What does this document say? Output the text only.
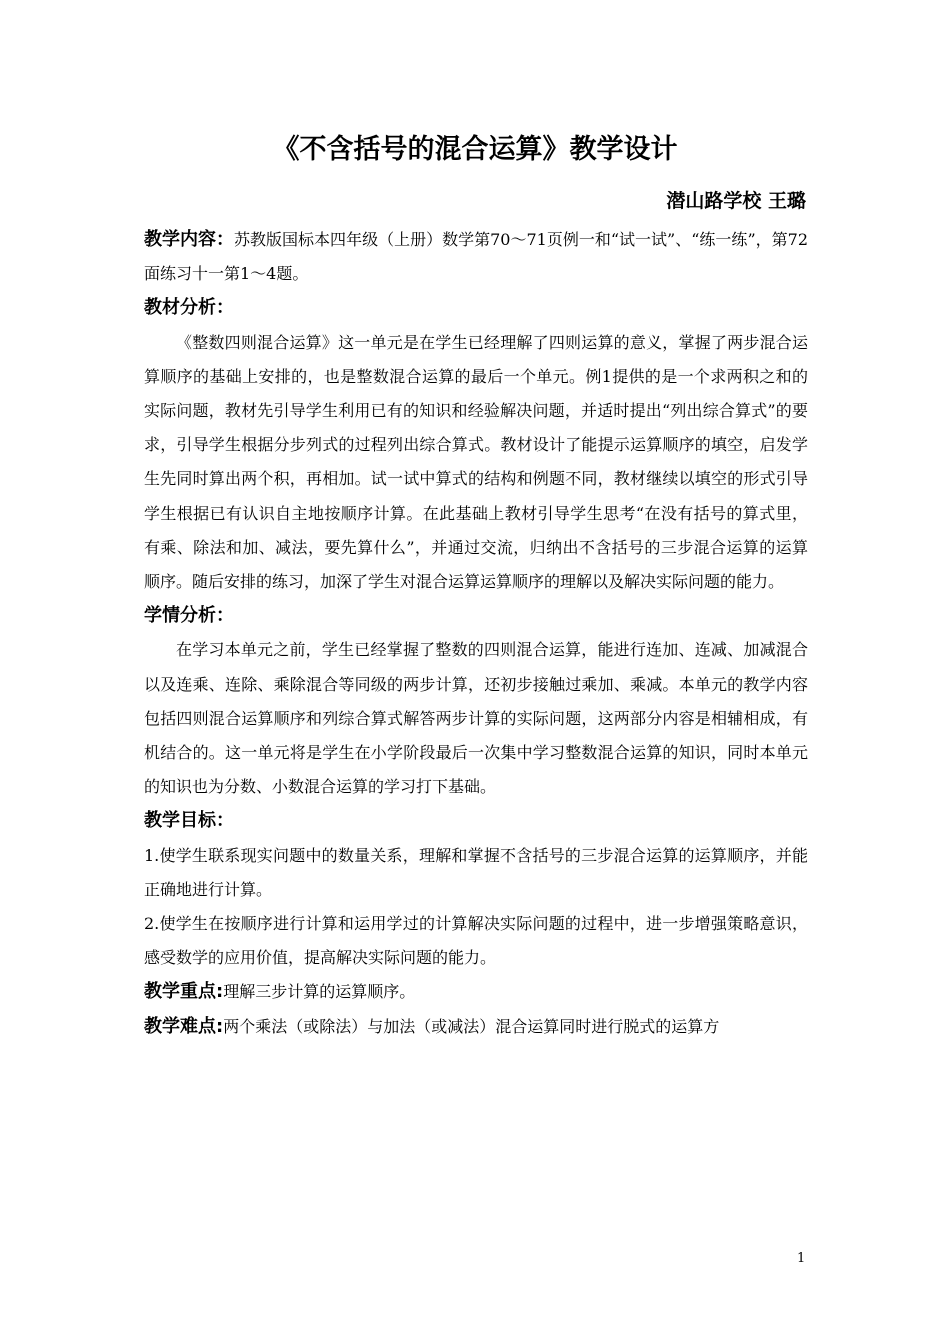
《不含括号的混合运算》教学设计
潜山路学校 王璐

教学内容：苏教版国标本四年级（上册）数学第70～71页例一和“试一试”、“练一练”，第72面练习十一第1～4题。

教材分析：

《整数四则混合运算》这一单元是在学生已经理解了四则运算的意义，掌握了两步混合运算顺序的基础上安排的，也是整数混合运算的最后一个单元。例1提供的是一个求两积之和的实际问题，教材先引导学生利用已有的知识和经验解决问题，并适时提出“列出综合算式”的要求，引导学生根据分步列式的过程列出综合算式。教材设计了能提示运算顺序的填空，启发学生先同时算出两个积，再相加。试一试中算式的结构和例题不同，教材继续以填空的形式引导学生根据已有认识自主地按顺序计算。在此基础上教材引导学生思考“在没有括号的算式里，有乘、除法和加、减法，要先算什么”，并通过交流，归纳出不含括号的三步混合运算的运算顺序。随后安排的练习，加深了学生对混合运算运算顺序的理解以及解决实际问题的能力。

学情分析：

在学习本单元之前，学生已经掌握了整数的四则混合运算，能进行连加、连减、加减混合以及连乘、连除、乘除混合等同级的两步计算，还初步接触过乘加、乘减。本单元的教学内容包括四则混合运算顺序和列综合算式解答两步计算的实际问题，这两部分内容是相辅相成，有机结合的。这一单元将是学生在小学阶段最后一次集中学习整数混合运算的知识，同时本单元的知识也为分数、小数混合运算的学习打下基础。

教学目标：

1.使学生联系现实问题中的数量关系，理解和掌握不含括号的三步混合运算的运算顺序，并能正确地进行计算。

2.使学生在按顺序进行计算和运用学过的计算解决实际问题的过程中，进一步增强策略意识，感受数学的应用价值，提高解决实际问题的能力。

教学重点:理解三步计算的运算顺序。

教学难点:两个乘法（或除法）与加法（或减法）混合运算同时进行脱式的运算方

1
